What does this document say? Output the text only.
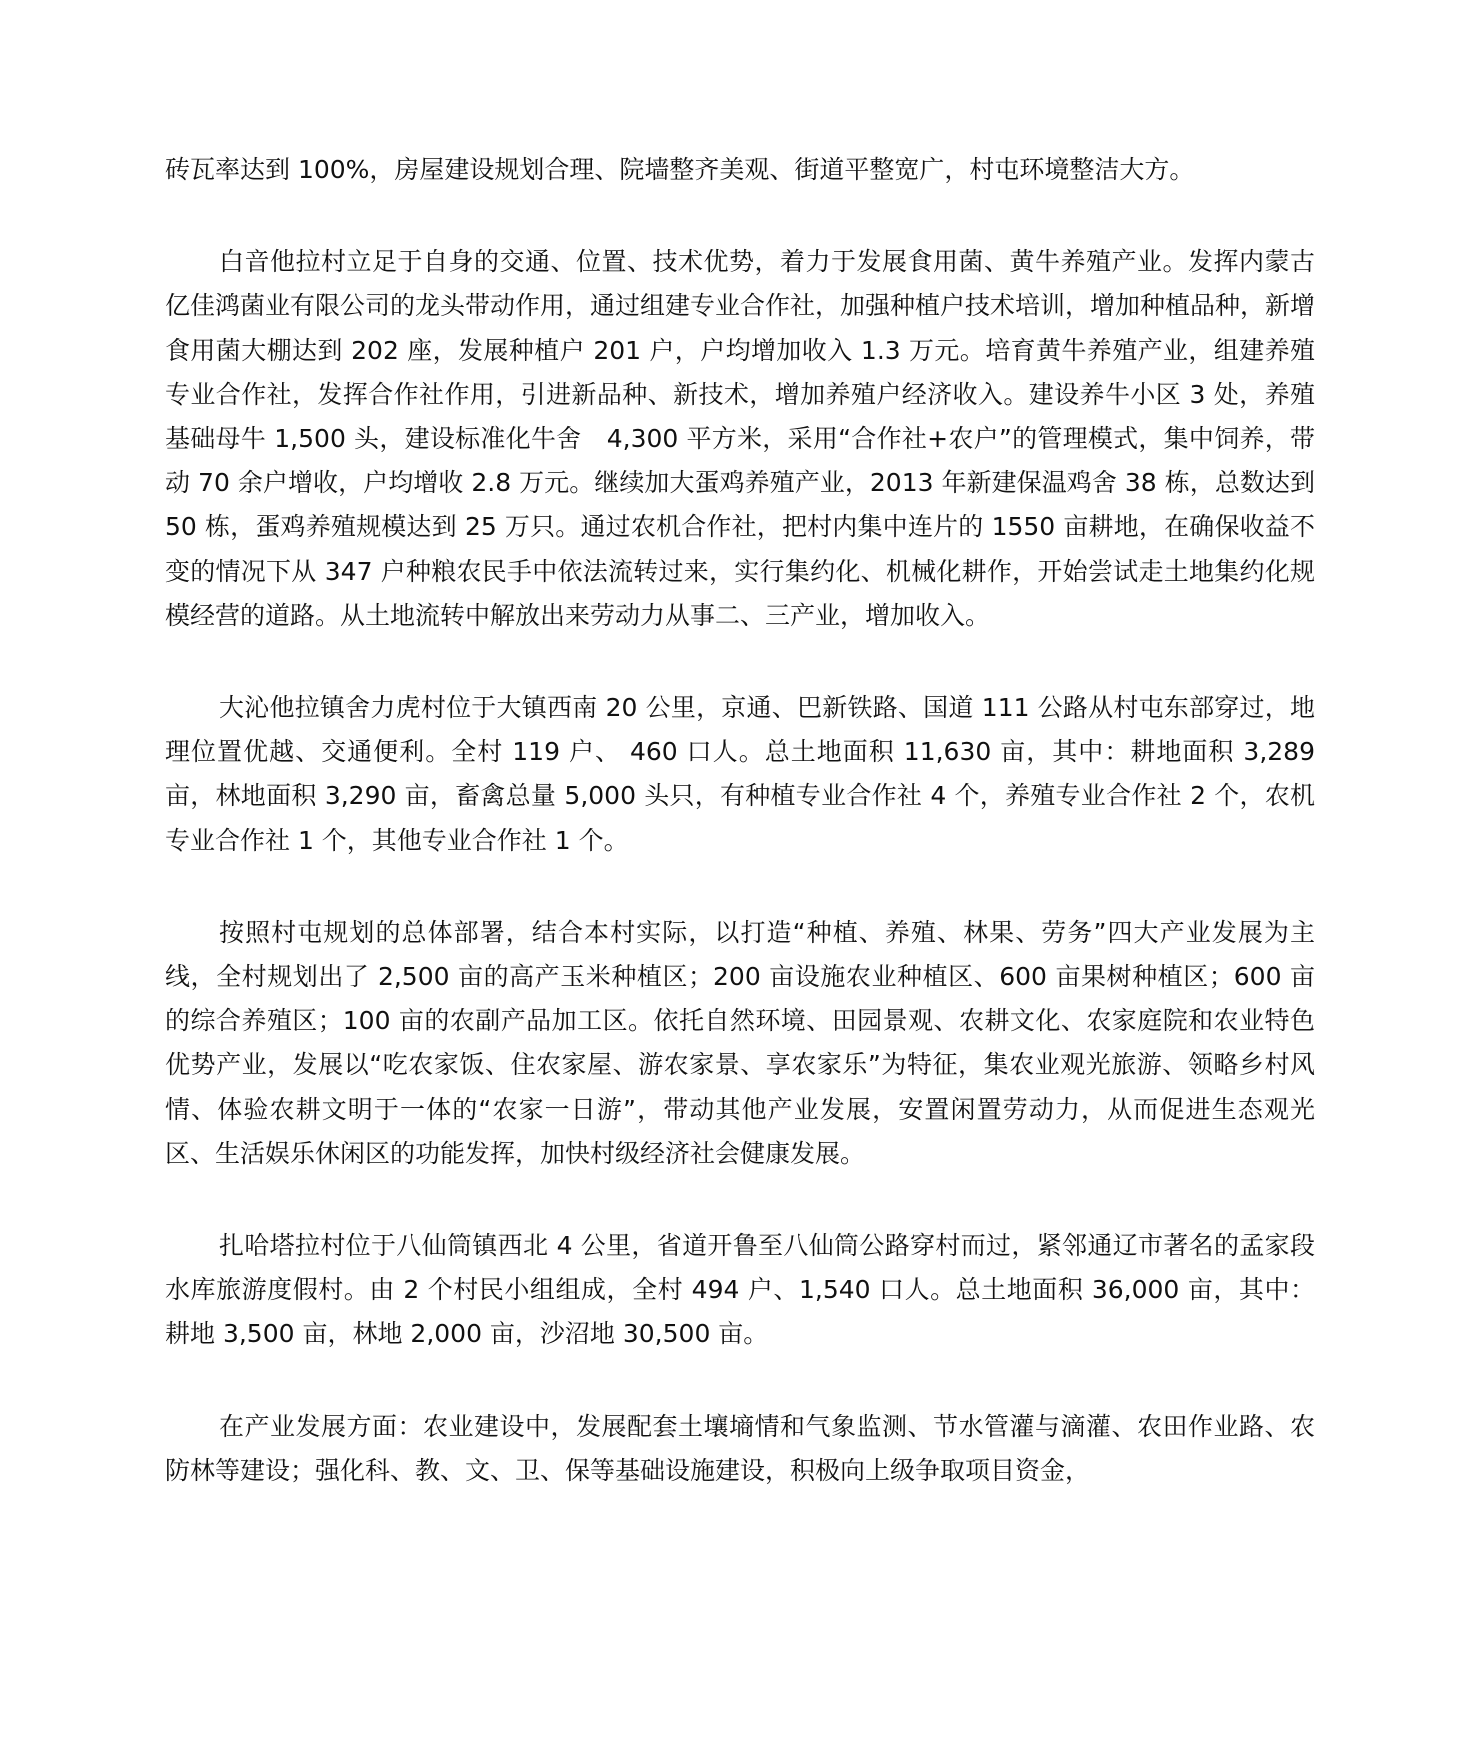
砖瓦率达到 100%，房屋建设规划合理、院墙整齐美观、街道平整宽广，村屯环境整洁大方。

白音他拉村立足于自身的交通、位置、技术优势，着力于发展食用菌、黄牛养殖产业。发挥内蒙古亿佳鸿菌业有限公司的龙头带动作用，通过组建专业合作社，加强种植户技术培训，增加种植品种，新增食用菌大棚达到 202 座，发展种植户 201 户，户均增加收入 1.3 万元。培育黄牛养殖产业，组建养殖专业合作社，发挥合作社作用，引进新品种、新技术，增加养殖户经济收入。建设养牛小区 3 处，养殖基础母牛 1,500 头，建设标准化牛舍　4,300 平方米，采用“合作社+农户”的管理模式，集中饲养，带动 70 余户增收，户均增收 2.8 万元。继续加大蛋鸡养殖产业，2013 年新建保温鸡舍 38 栋，总数达到 50 栋，蛋鸡养殖规模达到 25 万只。通过农机合作社，把村内集中连片的 1550 亩耕地，在确保收益不变的情况下从 347 户种粮农民手中依法流转过来，实行集约化、机械化耕作，开始尝试走土地集约化规模经营的道路。从土地流转中解放出来劳动力从事二、三产业，增加收入。

大沁他拉镇舍力虎村位于大镇西南 20 公里，京通、巴新铁路、国道 111 公路从村屯东部穿过，地理位置优越、交通便利。全村 119 户、 460 口人。总土地面积 11,630 亩，其中：耕地面积 3,289 亩，林地面积 3,290 亩，畜禽总量 5,000 头只，有种植专业合作社 4 个，养殖专业合作社 2 个，农机专业合作社 1 个，其他专业合作社 1 个。

按照村屯规划的总体部署，结合本村实际，以打造“种植、养殖、林果、劳务”四大产业发展为主线，全村规划出了 2,500 亩的高产玉米种植区；200 亩设施农业种植区、600 亩果树种植区；600 亩的综合养殖区；100 亩的农副产品加工区。依托自然环境、田园景观、农耕文化、农家庭院和农业特色优势产业，发展以“吃农家饭、住农家屋、游农家景、享农家乐”为特征，集农业观光旅游、领略乡村风情、体验农耕文明于一体的“农家一日游”，带动其他产业发展，安置闲置劳动力，从而促进生态观光区、生活娱乐休闲区的功能发挥，加快村级经济社会健康发展。

扎哈塔拉村位于八仙筒镇西北 4 公里，省道开鲁至八仙筒公路穿村而过，紧邻通辽市著名的孟家段水库旅游度假村。由 2 个村民小组组成，全村 494 户、1,540 口人。总土地面积 36,000 亩，其中：耕地 3,500 亩，林地 2,000 亩，沙沼地 30,500 亩。

在产业发展方面：农业建设中，发展配套土壤墒情和气象监测、节水管灌与滴灌、农田作业路、农防林等建设；强化科、教、文、卫、保等基础设施建设，积极向上级争取项目资金，
